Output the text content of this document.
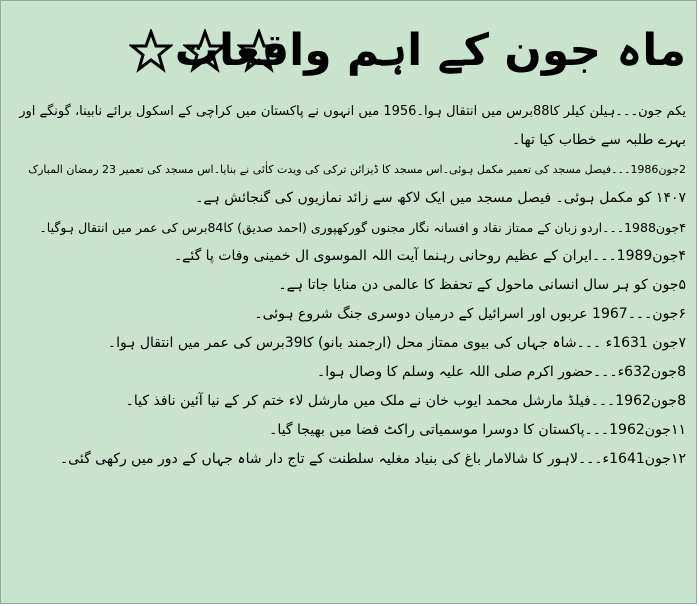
ماہ جون کے اہم واقعات
یکم جون۔۔۔ہیلن کیلر کا88برس میں انتقال ہوا۔1956 میں انہوں نے پاکستان میں کراچی کے اسکول برائے نابینا، گونگے اور
بہرے طلبہ سے خطاب کیا تھا۔
2جون1986۔۔۔فیصل مسجد کی تعمیر مکمل ہوئی۔اس مسجد کا ڈیزائن ترکی کی ویدت کاٰئی نے بنایا۔اس مسجد کی تعمیر 23 رمضان المبارک
۱۴۰۷ کو مکمل ہوئی۔ فیصل مسجد میں ایک لاکھ سے زائد نمازیوں کی گنجائش ہے۔
۴جون1988۔۔۔اردو زبان کے ممتاز نقاد و افسانہ نگار مجنوں گورکھپوری (احمد صدیق) کا84برس کی عمر میں انتقال ہوگیا۔
۴جون1989۔۔۔ایران کے عظیم روحانی رہنما آیت اللہ الموسوی ال خمینی وفات پا گئے۔
۵جون کو ہر سال انسانی ماحول کے تحفظ کا عالمی دن منایا جاتا ہے۔
۶جون۔۔۔1967 عربوں اور اسرائیل کے درمیان دوسری جنگ شروع ہوئی۔
۷جون 1631ء ۔۔۔شاہ جہاں کی بیوی ممتاز محل (ارجمند بانو) کا39برس کی عمر میں انتقال ہوا۔
8جون632ء۔۔۔حضور اکرم صلی اللہ علیہ وسلم کا وصال ہوا۔
8جون1962۔۔۔فیلڈ مارشل محمد ایوب خان نے ملک میں مارشل لاء ختم کر کے نیا آئین نافذ کیا۔
۱۱جون1962۔۔۔پاکستان کا دوسرا موسمیاتی راکٹ فضا میں بھیجا گیا۔
۱۲جون1641ء۔۔۔لاہور کا شالامار باغ کی بنیاد مغلیہ سلطنت کے تاج دار شاہ جہاں کے دور میں رکھی گئی۔
